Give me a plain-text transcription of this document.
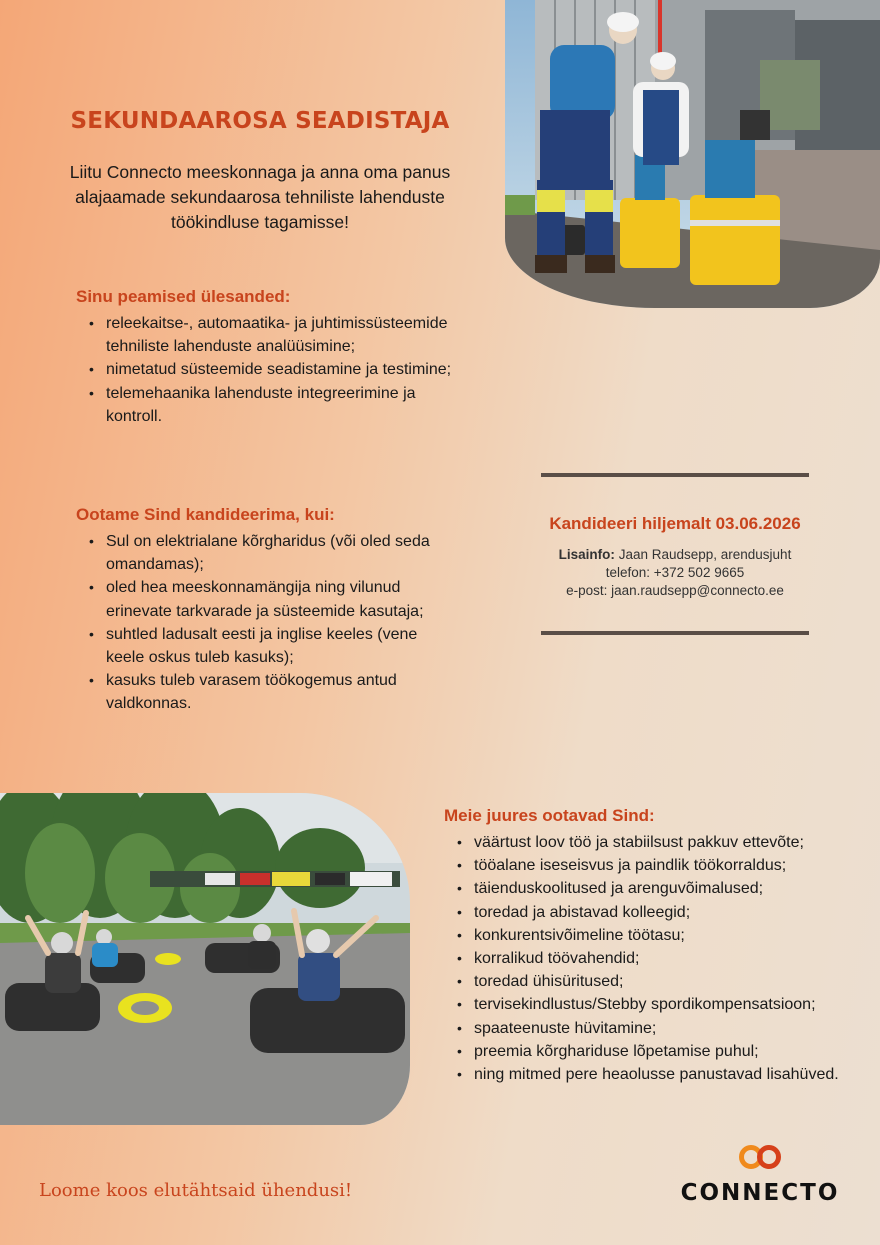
SEKUNDAAROSA SEADISTAJA

Liitu Connecto meeskonnaga ja anna oma panus alajaamade sekundaarosa tehniliste lahenduste töökindluse tagamisse!

Sinu peamised ülesanded:
• releekaitse-, automaatika- ja juhtimissüsteemide tehniliste lahenduste analüüsimine;
• nimetatud süsteemide seadistamine ja testimine;
• telemehaanika lahenduste integreerimine ja kontroll.
Ootame Sind kandideerima, kui:
• Sul on elektrialane kõrgharidus (või oled seda omandamas);
• oled hea meeskonnamängija ning vilunud erinevate tarkvarade ja süsteemide kasutaja;
• suhtled ladusalt eesti ja inglise keeles (vene keele oskus tuleb kasuks);
• kasuks tuleb varasem töökogemus antud valdkonnas.
Kandideeri hiljemalt 03.06.2026
Lisainfo: Jaan Raudsepp, arendusjuht
telefon: +372 502 9665
e-post: jaan.raudsepp@connecto.ee
Meie juures ootavad Sind:
• väärtust loov töö ja stabiilsust pakkuv ettevõte;
• tööalane iseseisvus ja paindlik töökorraldus;
• täienduskoolitused ja arenguvõimalused;
• toredad ja abistavad kolleegid;
• konkurentsivõimeline töötasu;
• korralikud töövahendid;
• toredad ühisüritused;
• tervisekindlustus/Stebby spordikompensatsioon;
• spaateenuste hüvitamine;
• preemia kõrghariduse lõpetamise puhul;
• ning mitmed pere heaolusse panustavad lisahüved.

Loome koos elutähtsaid ühendusi!	CONNECTO
